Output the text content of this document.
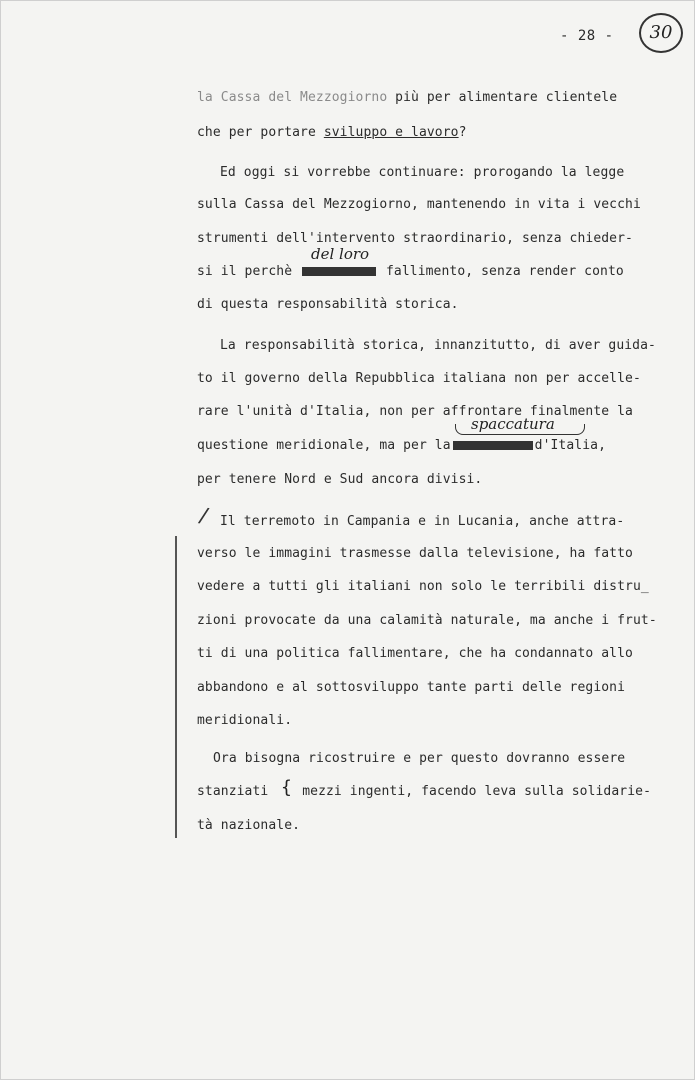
- 28 -	30
la Cassa del Mezzogiorno più per alimentare clientele
che per portare sviluppo e lavoro?
Ed oggi si vorrebbe continuare: prorogando la legge
sulla Cassa del Mezzogiorno, mantenendo in vita i vecchi
strumenti dell'intervento straordinario, senza chieder-
del loro
si il perchè	fallimento, senza render conto
di questa responsabilità storica.
La responsabilità storica, innanzitutto, di aver guida-
to il governo della Repubblica italiana non per accelle-
rare l'unità d'Italia, non per affrontare finalmente la
spaccatura
questione meridionale, ma per la	d'Italia,
per tenere Nord e Sud ancora divisi.
/ Il terremoto in Campania e in Lucania, anche attra-
verso le immagini trasmesse dalla televisione, ha fatto
vedere a tutti gli italiani non solo le terribili distru_
zioni provocate da una calamità naturale, ma anche i frut-
ti di una politica fallimentare, che ha condannato allo
abbandono e al sottosviluppo tante parti delle regioni
meridionali.
Ora bisogna ricostruire e per questo dovranno essere
stanziati	mezzi ingenti, facendo leva sulla solidarie-
{
tà nazionale.
